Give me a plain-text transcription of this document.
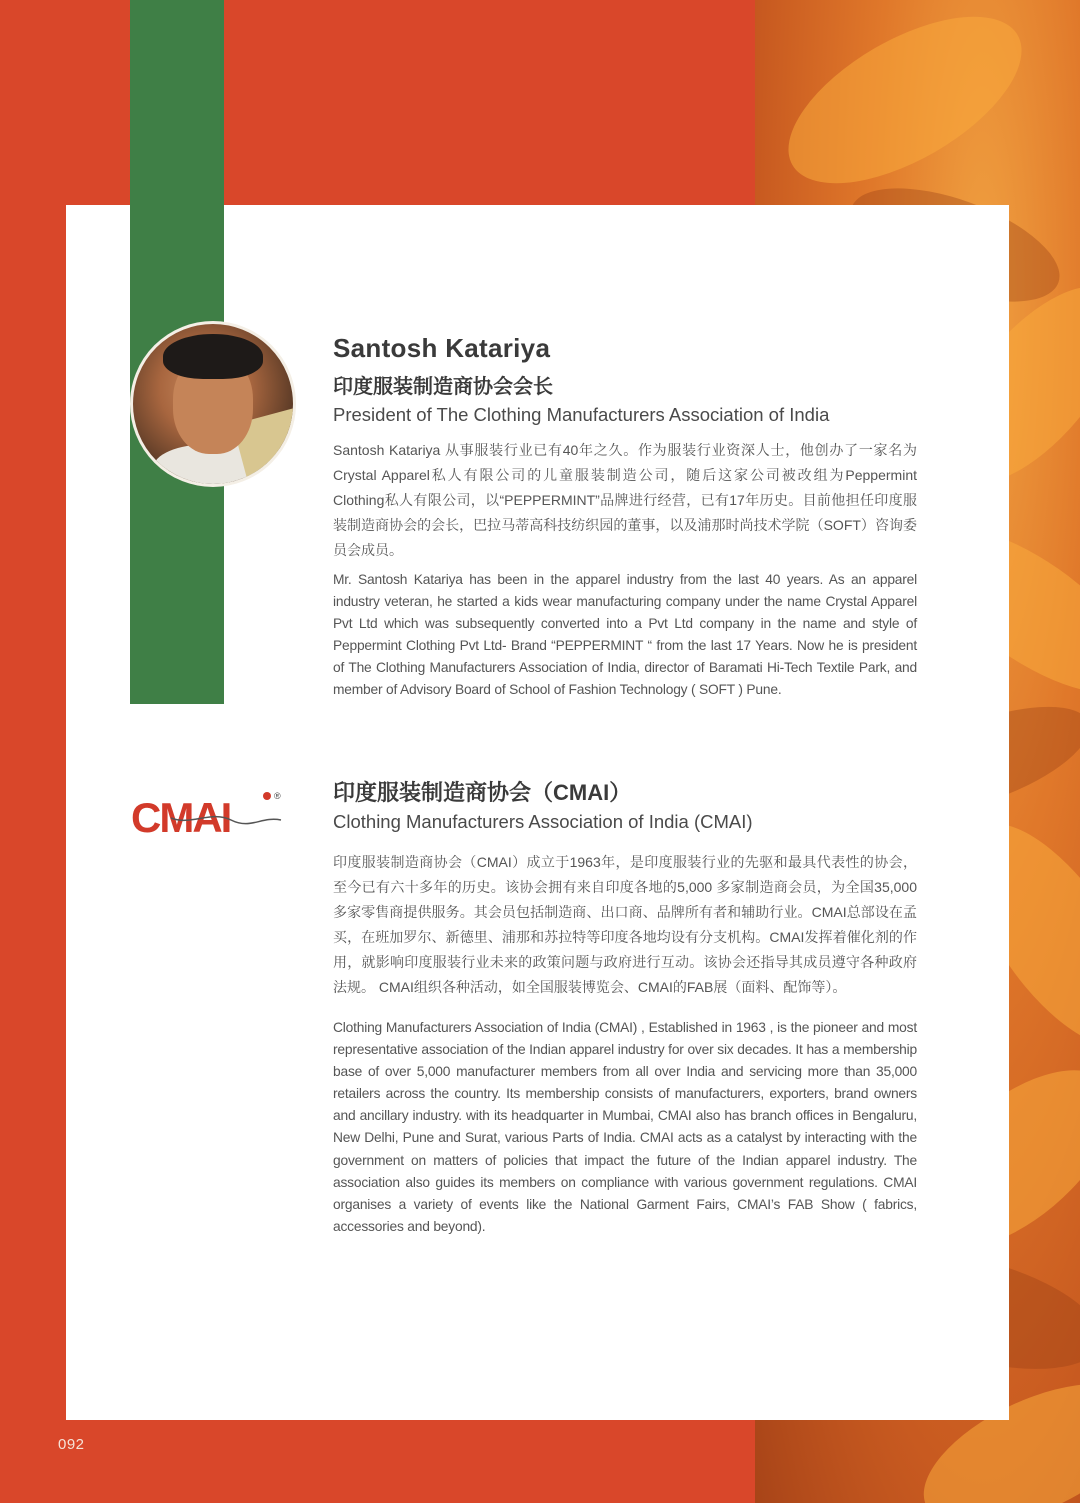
Santosh Katariya
印度服装制造商协会会长
President of The Clothing Manufacturers Association of India

Santosh Katariya 从事服装行业已有40年之久。作为服装行业资深人士，他创办了一家名为Crystal Apparel私人有限公司的儿童服装制造公司，随后这家公司被改组为Peppermint Clothing私人有限公司，以“PEPPERMINT”品牌进行经营，已有17年历史。目前他担任印度服装制造商协会的会长，巴拉马蒂高科技纺织园的董事，以及浦那时尚技术学院（SOFT）咨询委员会成员。

Mr. Santosh Katariya has been in the apparel industry from the last 40 years. As an apparel industry veteran, he started a kids wear manufacturing company under the name Crystal Apparel Pvt Ltd which was subsequently converted into a Pvt Ltd company in the name and style of Peppermint Clothing Pvt Ltd- Brand “PEPPERMINT “ from the last 17 Years. Now he is president of The Clothing Manufacturers Association of India, director of Baramati Hi-Tech Textile Park, and member of Advisory Board of School of Fashion Technology ( SOFT ) Pune.

CMAI	® 印度服装制造商协会（CMAI）
Clothing Manufacturers Association of India (CMAI)

印度服装制造商协会（CMAI）成立于1963年，是印度服装行业的先驱和最具代表性的协会，至今已有六十多年的历史。该协会拥有来自印度各地的5,000 多家制造商会员，为全国35,000多家零售商提供服务。其会员包括制造商、出口商、品牌所有者和辅助行业。CMAI总部设在孟买，在班加罗尔、新德里、浦那和苏拉特等印度各地均设有分支机构。CMAI发挥着催化剂的作用，就影响印度服装行业未来的政策问题与政府进行互动。该协会还指导其成员遵守各种政府法规。 CMAI组织各种活动，如全国服装博览会、CMAI的FAB展（面料、配饰等）。

Clothing Manufacturers Association of India (CMAI) , Established in 1963 , is the pioneer and most representative association of the Indian apparel industry for over six decades. It has a membership base of over 5,000 manufacturer members from all over India and servicing more than 35,000 retailers across the country. Its membership consists of manufacturers, exporters, brand owners and ancillary industry. with its headquarter in Mumbai, CMAI also has branch offices in Bengaluru, New Delhi, Pune and Surat, various Parts of India. CMAI acts as a catalyst by interacting with the government on matters of policies that impact the future of the Indian apparel industry. The association also guides its members on compliance with various government regulations. CMAI organises a variety of events like the National Garment Fairs, CMAI’s FAB Show ( fabrics, accessories and beyond).

092
